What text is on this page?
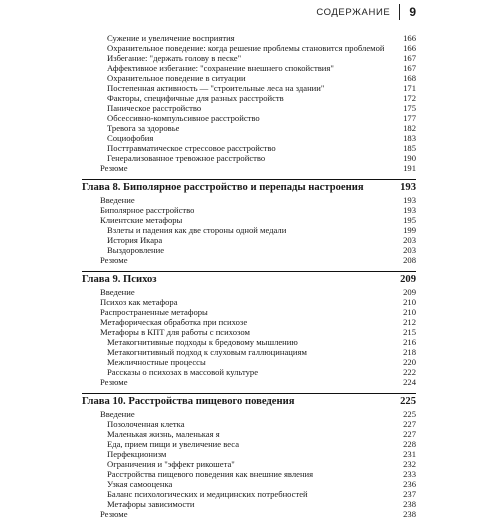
СОДЕРЖАНИЕ 9
Сужение и увеличение восприятия	166
Охранительное поведение: когда решение проблемы становится проблемой 166
Избегание: "держать голову в песке"	167
Аффективное избегание: "сохранение внешнего спокойствия"	167
Охранительное поведение в ситуации	168
Постепенная активность — "строительные леса на здании"	171
Факторы, специфичные для разных расстройств	172
Паническое расстройство	175
Обсессивно-компульсивное расстройство	177
Тревога за здоровье	182
Социофобия	183
Посттравматическое стрессовое расстройство	185
Генерализованное тревожное расстройство	190
Резюме	191
Глава 8. Биполярное расстройство и перепады настроения	193
Введение	193
Биполярное расстройство	193
Клиентские метафоры	195
Взлеты и падения как две стороны одной медали	199
История Икара	203
Выздоровление	203
Резюме	208
Глава 9. Психоз	209
Введение	209
Психоз как метафора	210
Распространенные метафоры	210
Метафорическая обработка при психозе	212
Метафоры в КПТ для работы с психозом	215
Метакогнитивные подходы к бредовому мышлению	216
Метакогнитивный подход к слуховым галлюцинациям	218
Межличностные процессы	220
Рассказы о психозах в массовой культуре	222
Резюме	224
Глава 10. Расстройства пищевого поведения	225
Введение	225
Позолоченная клетка	227
Маленькая жизнь, маленькая я	227
Еда, прием пищи и увеличение веса	228
Перфекционизм	231
Ограничения и "эффект рикошета"	232
Расстройства пищевого поведения как внешние явления	233
Узкая самооценка	236
Баланс психологических и медицинских потребностей	237
Метафоры зависимости	238
Резюме	238
